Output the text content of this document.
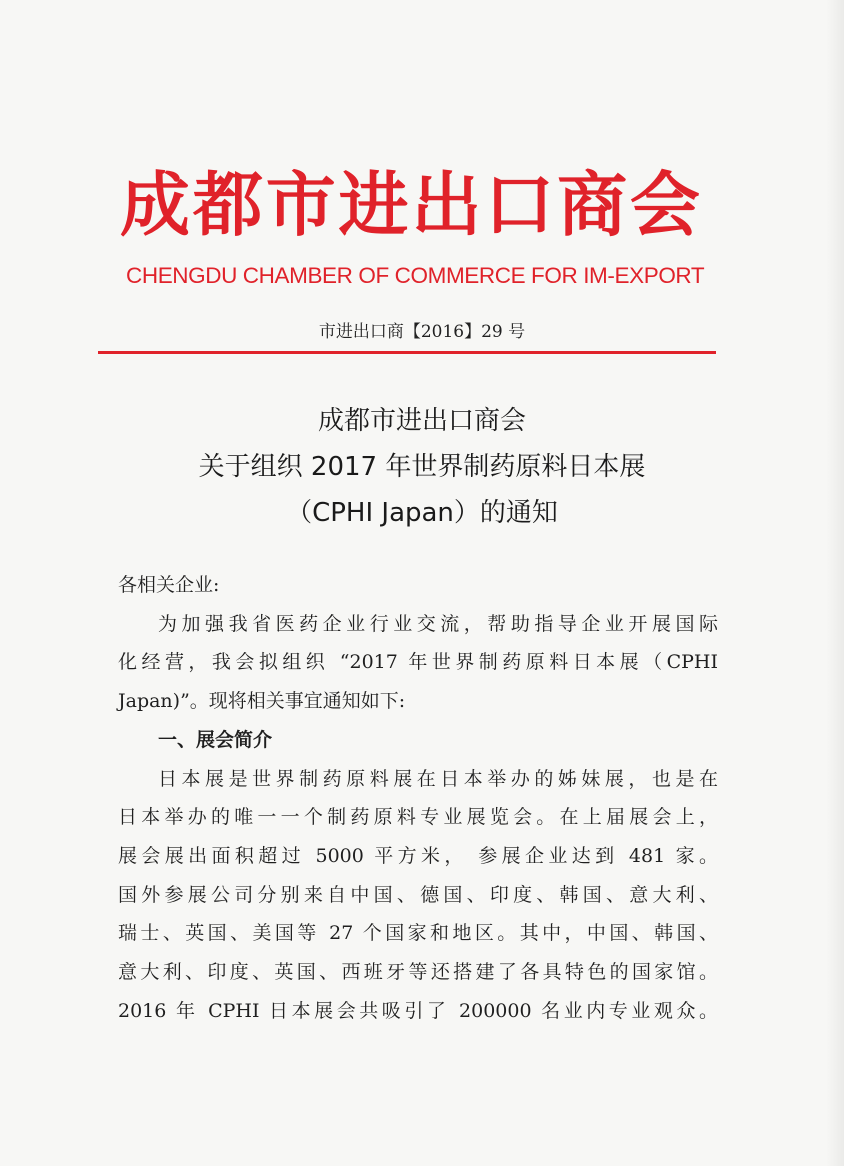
成 都 市 进 出 口 商 会
CHENGDU CHAMBER OF COMMERCE FOR IM-EXPORT
市进出口商【2016】29 号
成都市进出口商会
关于组织 2017 年世界制药原料日本展
（CPHI Japan）的通知

各相关企业:

为加强我省医药企业行业交流，帮助指导企业开展国际

化经营，我会拟组织 “2017 年世界制药原料日本展（CPHI

Japan)”。现将相关事宜通知如下:

一、展会简介

日本展是世界制药原料展在日本举办的姊妹展，也是在

日本举办的唯一一个制药原料专业展览会。在上届展会上，

展会展出面积超过 5000 平方米， 参展企业达到 481 家。

国外参展公司分别来自中国、德国、印度、韩国、意大利、

瑞士、英国、美国等 27 个国家和地区。其中，中国、韩国、

意大利、印度、英国、西班牙等还搭建了各具特色的国家馆。

2016 年 CPHI 日本展会共吸引了 200000 名业内专业观众。
